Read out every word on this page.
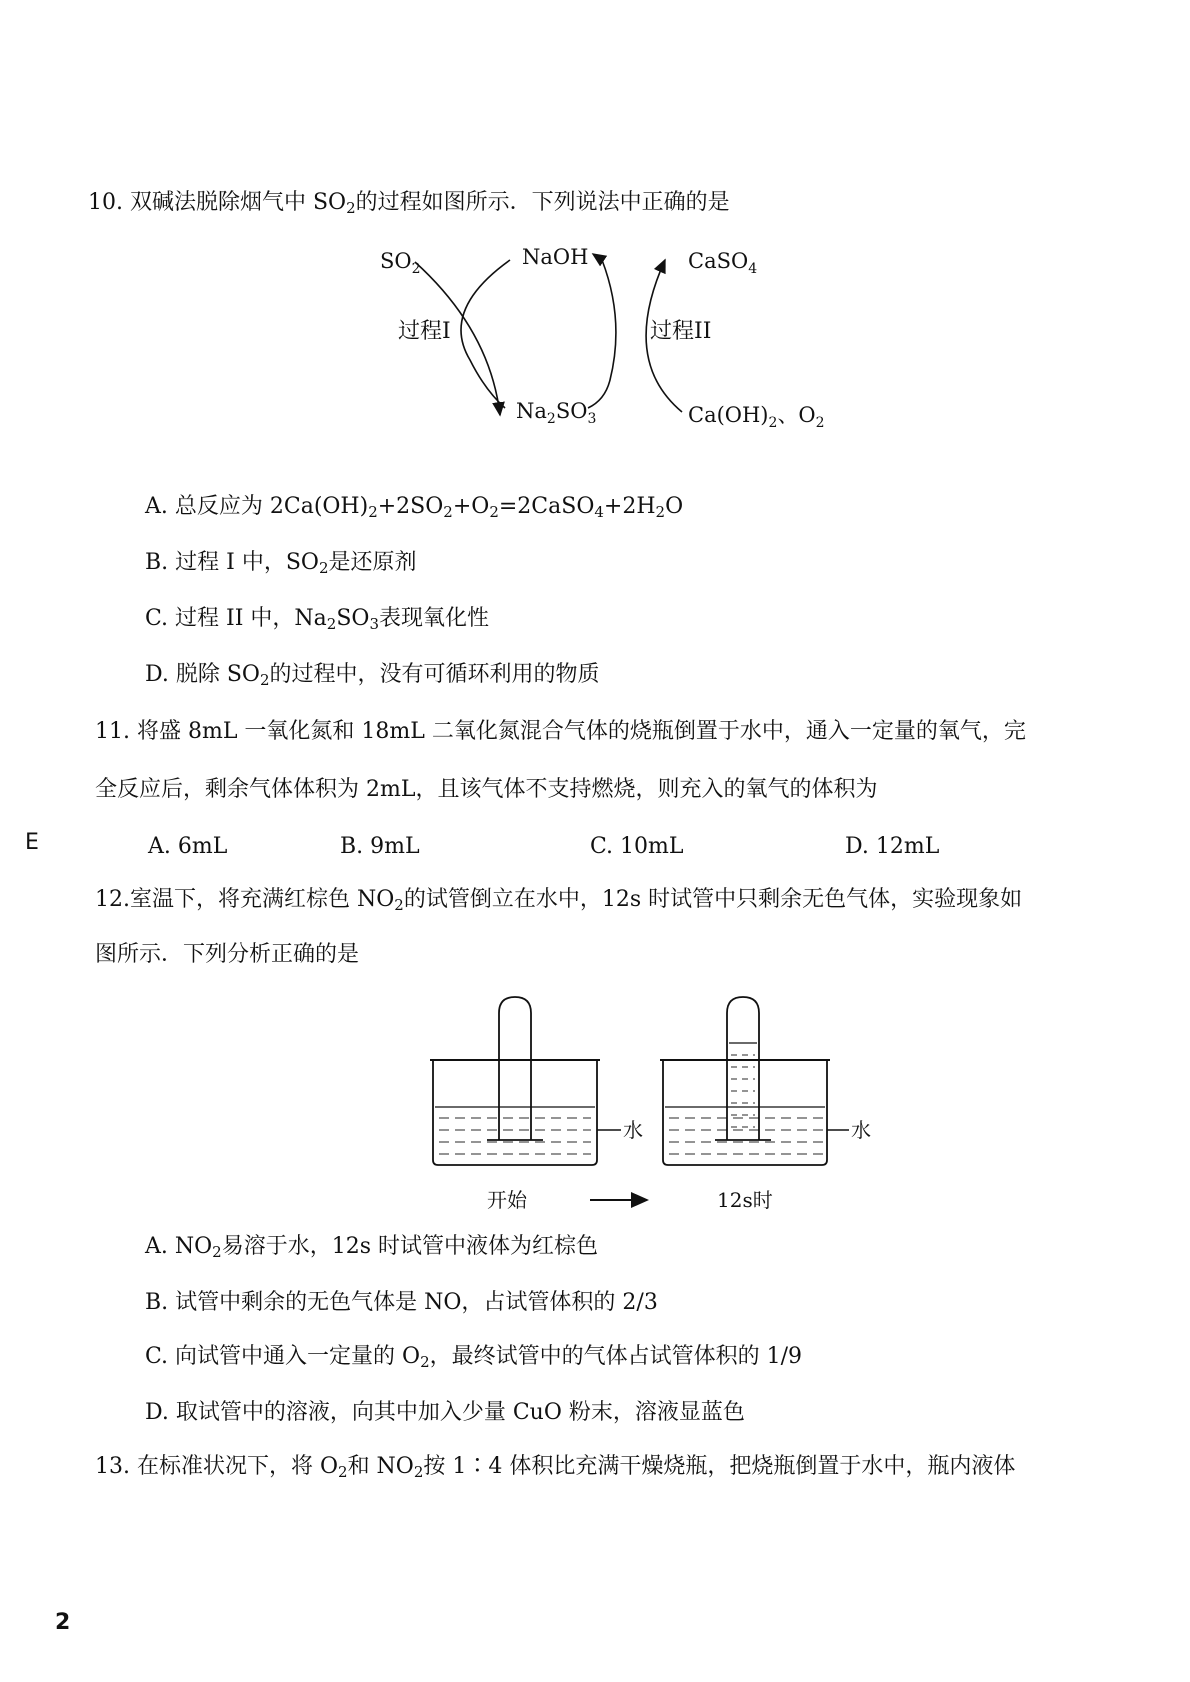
10. 双碱法脱除烟气中 $SO_2$的过程如图所示．下列说法中正确的是
$SO_2$	NaOH	CaSO$_4$
过程I	过程II
$Na_2SO_3$	$Ca(OH)_2$、$O_2$
A. 总反应为 $2Ca(OH)_2+2SO_2+O_2=2CaSO_4+2H_2O$
B. 过程 I 中，$SO_2$是还原剂
C. 过程 II 中，$Na_2SO_3$表现氧化性
D. 脱除 $SO_2$的过程中，没有可循环利用的物质
11. 将盛 8mL 一氧化氮和 18mL 二氧化氮混合气体的烧瓶倒置于水中，通入一定量的氧气，完
全反应后，剩余气体体积为 2mL，且该气体不支持燃烧，则充入的氧气的体积为
E	A. 6mL	B. 9mL	C. 10mL	D. 12mL
12.室温下，将充满红棕色 $NO_2$的试管倒立在水中，12s 时试管中只剩余无色气体，实验现象如
图所示．下列分析正确的是
水	水
开始	12s时
A. $NO_2$易溶于水，12s 时试管中液体为红棕色
B. 试管中剩余的无色气体是 NO，占试管体积的 2/3
C. 向试管中通入一定量的 $O_2$，最终试管中的气体占试管体积的 1/9
D. 取试管中的溶液，向其中加入少量 CuO 粉末，溶液显蓝色
13. 在标准状况下，将 $O_2$和 $NO_2$按 1∶4 体积比充满干燥烧瓶，把烧瓶倒置于水中，瓶内液体
2
